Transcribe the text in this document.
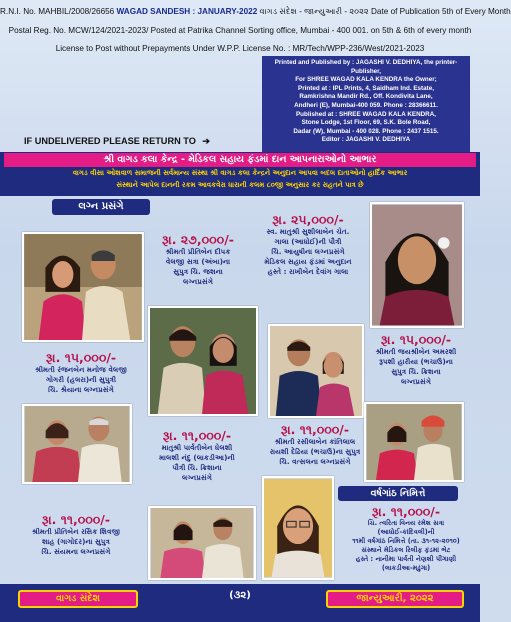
R.N.I. No. MAHBIL/2008/26656 WAGAD SANDESH : JANUARY-2022 વાગડ સંદેશ - જાન્યુઆરી - ૨૦૨૨ Date of Publication 5th of Every Month
Postal Reg. No. MCW/124/2021-2023/ Posted at Patrika Channel Sorting office, Mumbai - 400 001. on 5th & 6th of every month
License to Post without Prepayments Under W.P.P. License No. : MR/Tech/WPP-236/West/2021-2023
Printed and Published by : JAGASHI V. DEDHIYA, the printer-Publisher,
For SHREE WAGAD KALA KENDRA the Owner;
Printed at : IPL Prints, 4, Saidham Ind. Estate,
Ramkrishna Mandir Rd., Off. Kondivita Lane,
Andheri (E), Mumbai-400 059. Phone : 28366611.
Published at : SHREE WAGAD KALA KENDRA,
Stone Lodge, 1st Floor, 69, S.K. Bole Road,
Dadar (W), Mumbai - 400 028. Phone : 2437 1515.
Editor : JAGASHI V. DEDHIYA
IF UNDELIVERED PLEASE RETURN TO ➔
શ્રી વાગડ કલા કેન્દ્ર - મેડિકલ સહાય ફંડમાં દાન આપનારાઓનો આભાર
વાગડ વીસા ઓશવાળ સમાજની સર્વમાન્ય સંસ્થા શ્રી વાગડ કલા કેન્દ્રને અનુદાન આપવા બદલ દાતાઓનો હાર્દિક આભાર
સંસ્થાને આપેલ દાનની રકમ આવકવેરા ધારાની કલમ ૮૦જી અનુસાર કર રાહતને પાત્ર છે
લગ્ન પ્રસંગે
રૂા. ૨૭,૦૦૦/-
શ્રીમતી પ્રીતિબેન દીપક
વેલજી સત્રા (અંબા)ના
સુપુત્ર ચિ. જશના
લગ્નપ્રસંગે
રૂા. ૨૫,૦૦૦/-
સ્વ. માતુશ્રી સુશીલાબેન ચેત.
ગાલા (આધોઈ)ની પૌત્રી
ચિ. આયુષીના લગ્નપ્રસંગે
મેડિકલ સહાય ફંડમાં અનુદાન
હસ્તે : રાખીબેન દેવાંગ ગાલા
રૂા. ૧૫,૦૦૦/-
શ્રીમતી જયશ્રીબેન અમરશી
રૂપશી હારીયા (ભચાઉ)ના
સુપુત્ર ચિ. ક્રિશના
લગ્નપ્રસંગે
રૂા. ૧૫,૦૦૦/-
શ્રીમતી રંજનબેન મનોજ વેલજી
ગોગરી (હલરા)ની સુપુત્રી
ચિ. શ્રેયાના લગ્નપ્રસંગે
રૂા. ૧૧,૦૦૦/-
માતુશ્રી પાર્વતીબેન ધેલશી
માલશી નંદુ (લાકડીઆ)ની
પૌત્રી ચિ. ક્રિશાના
લગ્નપ્રસંગે
રૂા. ૧૧,૦૦૦/-
શ્રીમતી રસીલાબેન કાંતિલાલ
રાયશી દેઢિયા (ભચાઉ)ના સુપુત્ર
ચિ. વત્સલના લગ્નપ્રસંગે
વર્ષગાંઠ નિમિત્તે
રૂા. ૧૧,૦૦૦/-
શ્રીમતી પ્રીતિબેન રસિક શિવજી
શાહ (ગાગોદર)ના સુપુત્ર
ચિ. સંયમના લગ્નપ્રસંગે
રૂા. ૧૧,૦૦૦/-
ચિ. ત્વરિતા વિનય રમેશ સત્રા
(આધોઈ-કાંદિવલી)ની
૧૧મી વર્ષગાંઠ નિમિત્તે (તા. ૩૧-૧૨-૨૦૧૦)
સંસ્થાને મેડિકલ રિલીફ ફંડમાં ભેટ
હસ્તે : નાનીમા પાર્વતી નેણશી પીંગાણી
(લાકડીઆ-મઢુંગા)
વાગડ સંદેશ	(૩૨)	જાન્યુઆરી, ૨૦૨૨
